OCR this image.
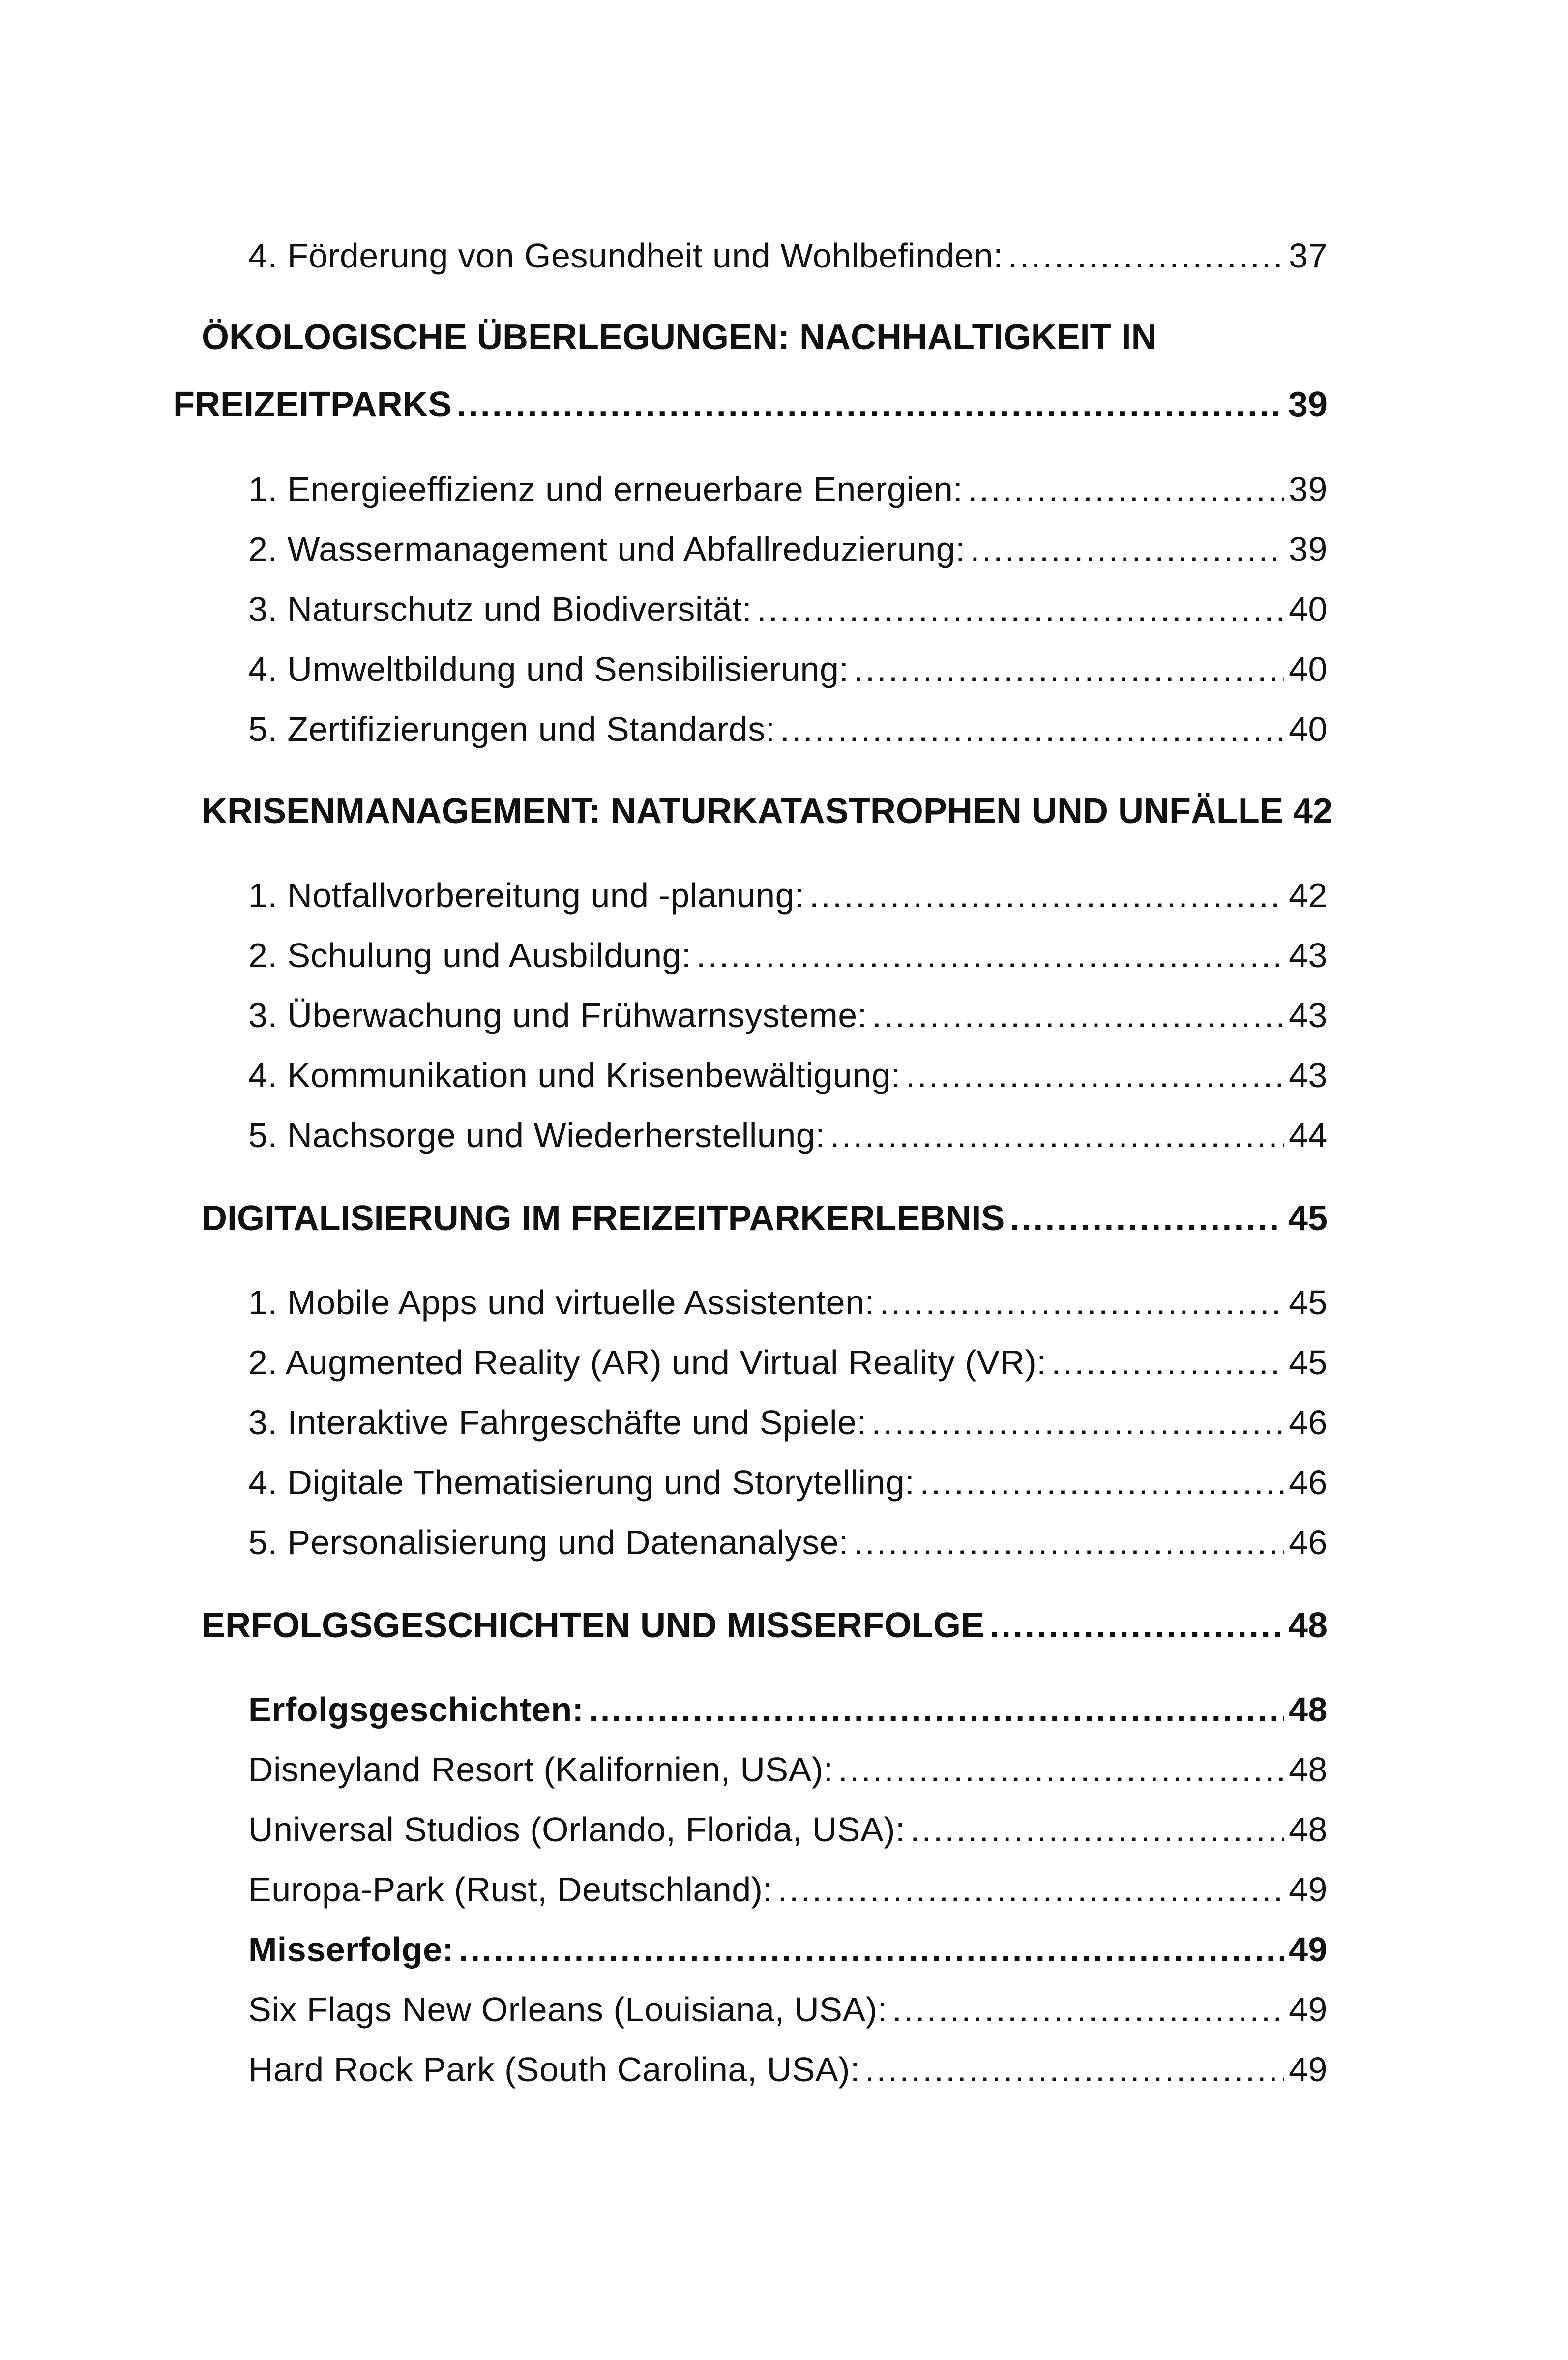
4. Förderung von Gesundheit und Wohlbefinden: .....	37
ÖKOLOGISCHE ÜBERLEGUNGEN: NACHHALTIGKEIT IN
FREIZEITPARKS .....	39
1. Energieeffizienz und erneuerbare Energien: .....	39
2. Wassermanagement und Abfallreduzierung: .....	39
3. Naturschutz und Biodiversität: .....	40
4. Umweltbildung und Sensibilisierung: .....	40
5. Zertifizierungen und Standards: .....	40
KRISENMANAGEMENT: NATURKATASTROPHEN UND UNFÄLLE 42
1. Notfallvorbereitung und -planung: .....	42
2. Schulung und Ausbildung: .....	43
3. Überwachung und Frühwarnsysteme: .....	43
4. Kommunikation und Krisenbewältigung: .....	43
5. Nachsorge und Wiederherstellung: .....	44
DIGITALISIERUNG IM FREIZEITPARKERLEBNIS .....	45
1. Mobile Apps und virtuelle Assistenten: .....	45
2. Augmented Reality (AR) und Virtual Reality (VR): .....	45
3. Interaktive Fahrgeschäfte und Spiele: .....	46
4. Digitale Thematisierung und Storytelling: .....	46
5. Personalisierung und Datenanalyse: .....	46
ERFOLGSGESCHICHTEN UND MISSERFOLGE .....	48
Erfolgsgeschichten: .....	48
Disneyland Resort (Kalifornien, USA): .....	48
Universal Studios (Orlando, Florida, USA): .....	48
Europa-Park (Rust, Deutschland): .....	49
Misserfolge: .....	49
Six Flags New Orleans (Louisiana, USA): .....	49
Hard Rock Park (South Carolina, USA): .....	49
